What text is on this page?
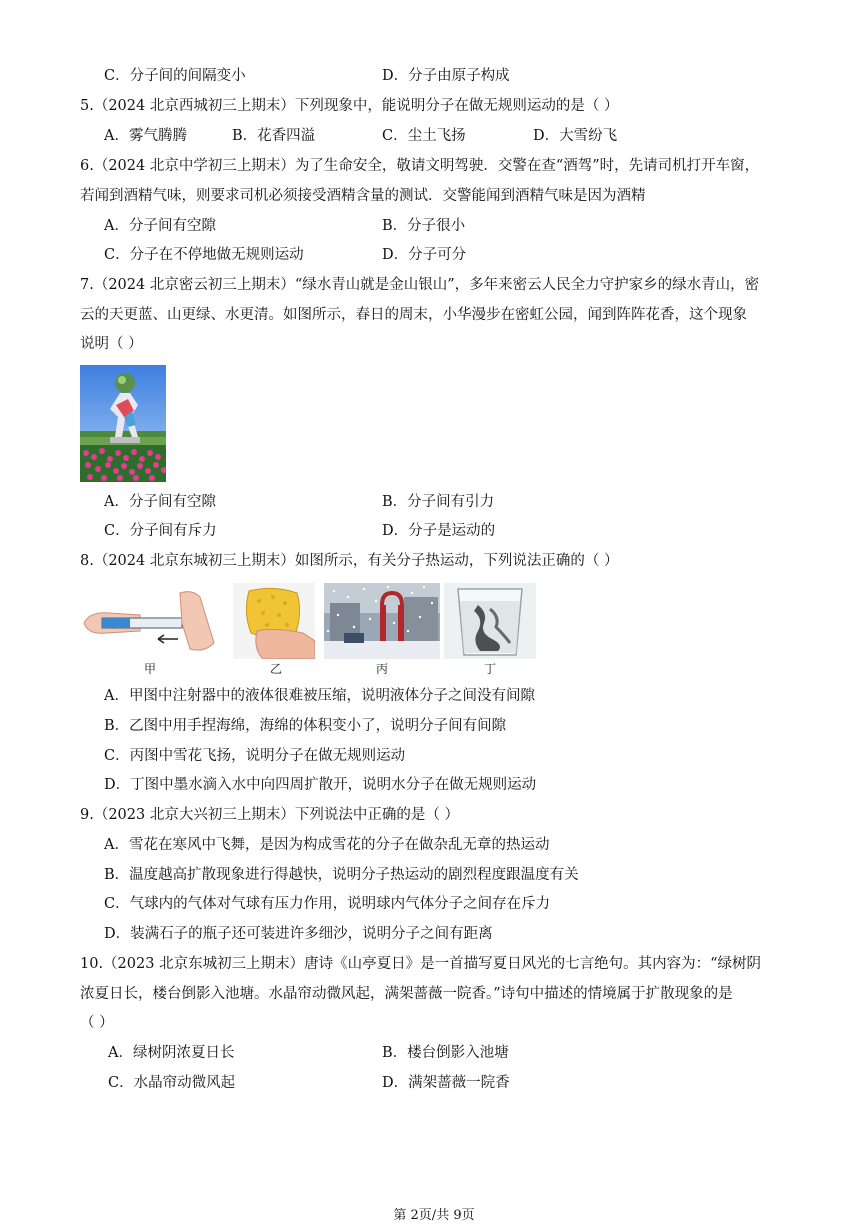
C．分子间的间隔变小	D．分子由原子构成
5.（2024 北京西城初三上期末）下列现象中，能说明分子在做无规则运动的是（ ）
A．雾气腾腾	B．花香四溢	C．尘土飞扬	D．大雪纷飞
6.（2024 北京中学初三上期末）为了生命安全，敬请文明驾驶．交警在查“酒驾”时，先请司机打开车窗，
若闻到酒精气味，则要求司机必须接受酒精含量的测试．交警能闻到酒精气味是因为酒精
A．分子间有空隙	B．分子很小
C．分子在不停地做无规则运动	D．分子可分
7.（2024 北京密云初三上期末）“绿水青山就是金山银山”，多年来密云人民全力守护家乡的绿水青山，密
云的天更蓝、山更绿、水更清。如图所示，春日的周末，小华漫步在密虹公园，闻到阵阵花香，这个现象
说明（ ）
A．分子间有空隙	B．分子间有引力
C．分子间有斥力	D．分子是运动的
8.（2024 北京东城初三上期末）如图所示，有关分子热运动，下列说法正确的（ ）
甲	乙	丙	丁
A．甲图中注射器中的液体很难被压缩，说明液体分子之间没有间隙
B．乙图中用手捏海绵，海绵的体积变小了，说明分子间有间隙
C．丙图中雪花飞扬，说明分子在做无规则运动
D．丁图中墨水滴入水中向四周扩散开，说明水分子在做无规则运动
9.（2023 北京大兴初三上期末）下列说法中正确的是（ ）
A．雪花在寒风中飞舞，是因为构成雪花的分子在做杂乱无章的热运动
B．温度越高扩散现象进行得越快，说明分子热运动的剧烈程度跟温度有关
C．气球内的气体对气球有压力作用，说明球内气体分子之间存在斥力
D．装满石子的瓶子还可装进许多细沙，说明分子之间有距离
10.（2023 北京东城初三上期末）唐诗《山亭夏日》是一首描写夏日风光的七言绝句。其内容为：“绿树阴
浓夏日长，楼台倒影入池塘。水晶帘动微风起，满架蔷薇一院香。”诗句中描述的情境属于扩散现象的是
（ ）
A．绿树阴浓夏日长	B．楼台倒影入池塘
C．水晶帘动微风起	D．满架蔷薇一院香
第 2页/共 9页
